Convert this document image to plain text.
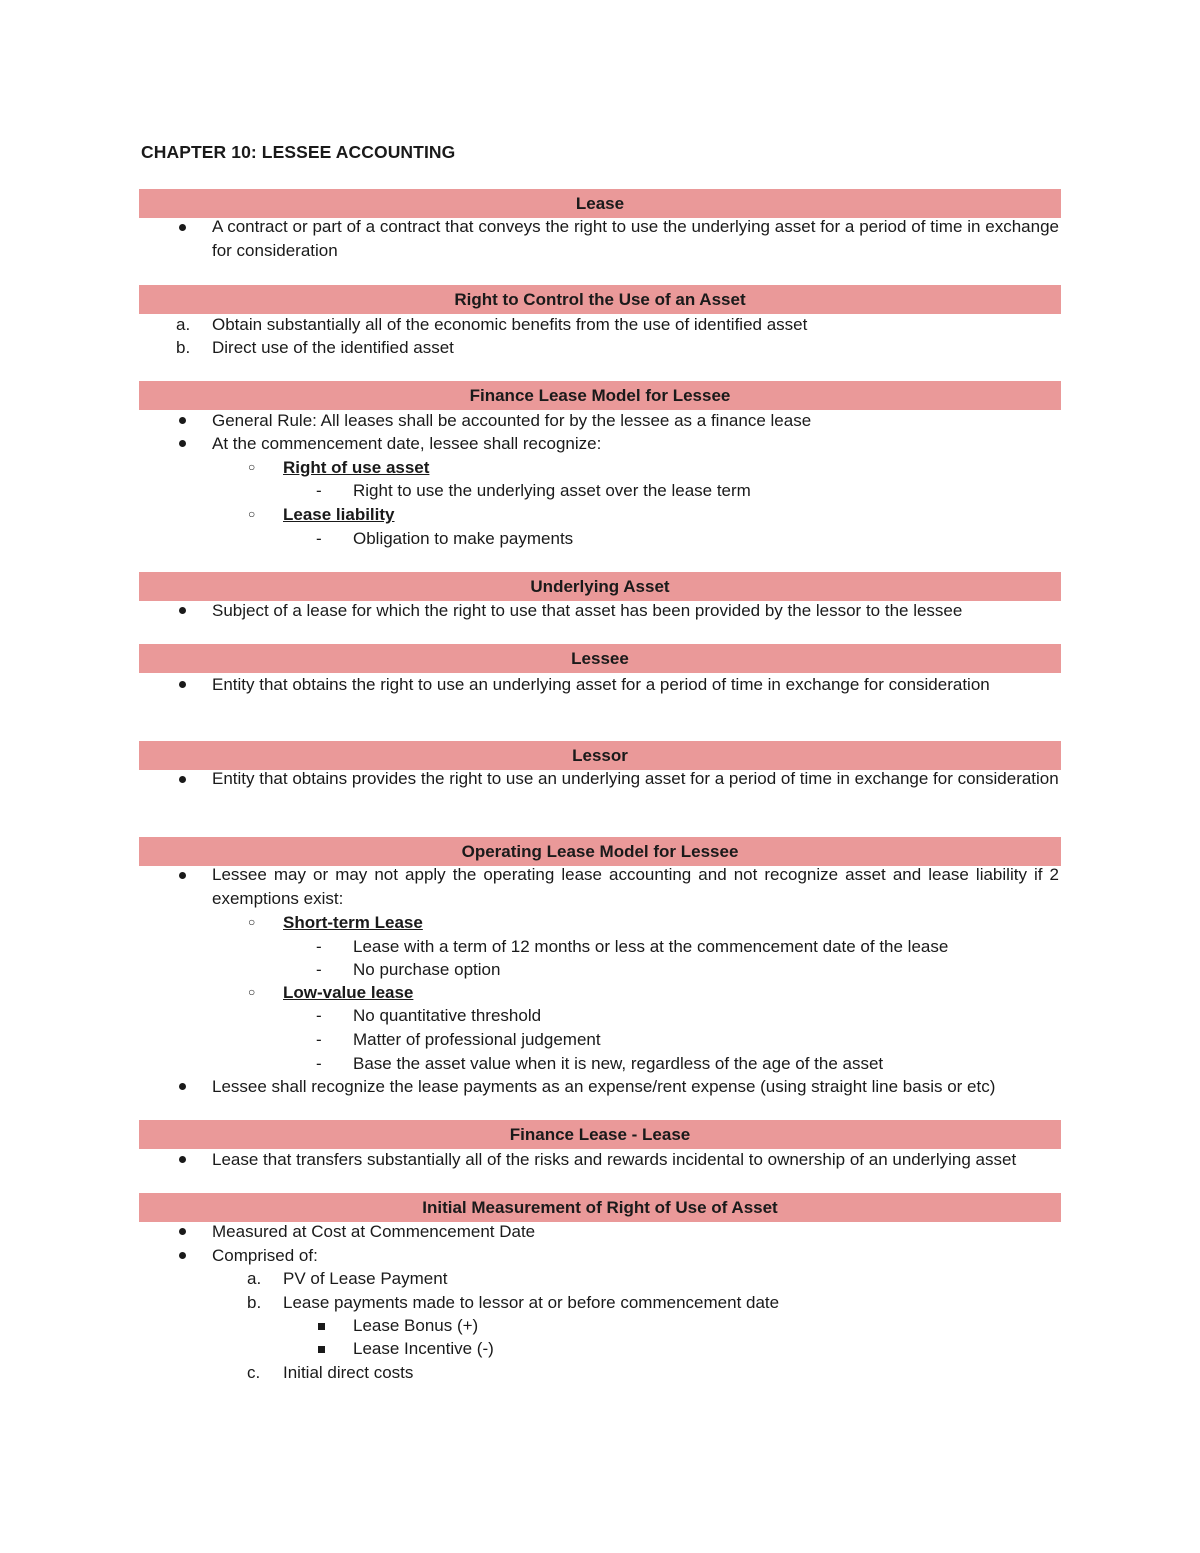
CHAPTER 10: LESSEE ACCOUNTING
Lease
A contract or part of a contract that conveys the right to use the underlying asset for a period of time in exchange for consideration
Right to Control the Use of an Asset
a. Obtain substantially all of the economic benefits from the use of identified asset
b. Direct use of the identified asset
Finance Lease Model for Lessee
General Rule: All leases shall be accounted for by the lessee as a finance lease
At the commencement date, lessee shall recognize:
○ Right of use asset
- Right to use the underlying asset over the lease term
○ Lease liability
- Obligation to make payments
Underlying Asset
Subject of a lease for which the right to use that asset has been provided by the lessor to the lessee
Lessee
Entity that obtains the right to use an underlying asset for a period of time in exchange for consideration
Lessor
Entity that obtains provides the right to use an underlying asset for a period of time in exchange for consideration
Operating Lease Model for Lessee
Lessee may or may not apply the operating lease accounting and not recognize asset and lease liability if 2 exemptions exist:
○ Short-term Lease
- Lease with a term of 12 months or less at the commencement date of the lease
- No purchase option
○ Low-value lease
- No quantitative threshold
- Matter of professional judgement
- Base the asset value when it is new, regardless of the age of the asset
Lessee shall recognize the lease payments as an expense/rent expense (using straight line basis or etc)
Finance Lease - Lease
Lease that transfers substantially all of the risks and rewards incidental to ownership of an underlying asset
Initial Measurement of Right of Use of Asset
Measured at Cost at Commencement Date
Comprised of:
a. PV of Lease Payment
b. Lease payments made to lessor at or before commencement date
Lease Bonus (+)
Lease Incentive (-)
c. Initial direct costs
